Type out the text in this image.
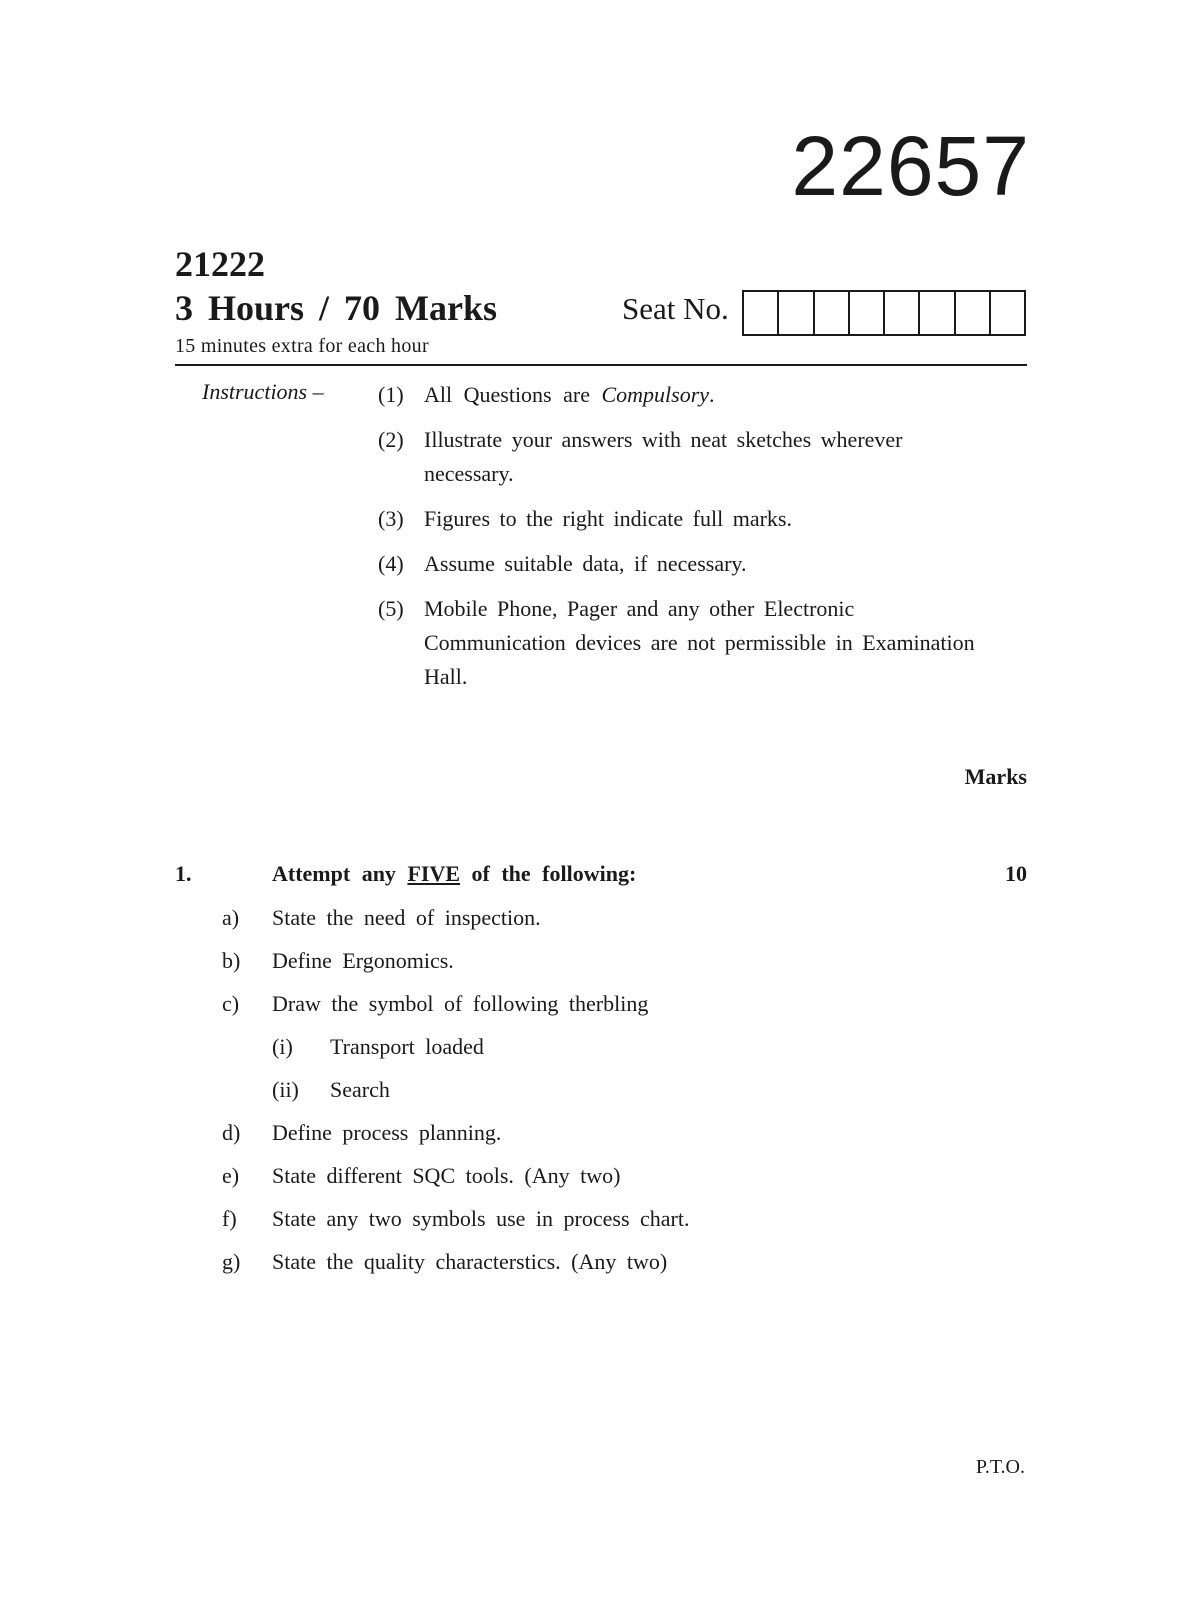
22657
21222
3 Hours / 70 Marks
15 minutes extra for each hour
Seat No.
Instructions – (1) All Questions are Compulsory.
(2) Illustrate your answers with neat sketches wherever necessary.
(3) Figures to the right indicate full marks.
(4) Assume suitable data, if necessary.
(5) Mobile Phone, Pager and any other Electronic Communication devices are not permissible in Examination Hall.
Marks
1.	Attempt any FIVE of the following:	10
a)	State the need of inspection.
b)	Define Ergonomics.
c)	Draw the symbol of following therbling
(i)	Transport loaded
(ii)	Search
d)	Define process planning.
e)	State different SQC tools. (Any two)
f)	State any two symbols use in process chart.
g)	State the quality characterstics. (Any two)
P.T.O.
